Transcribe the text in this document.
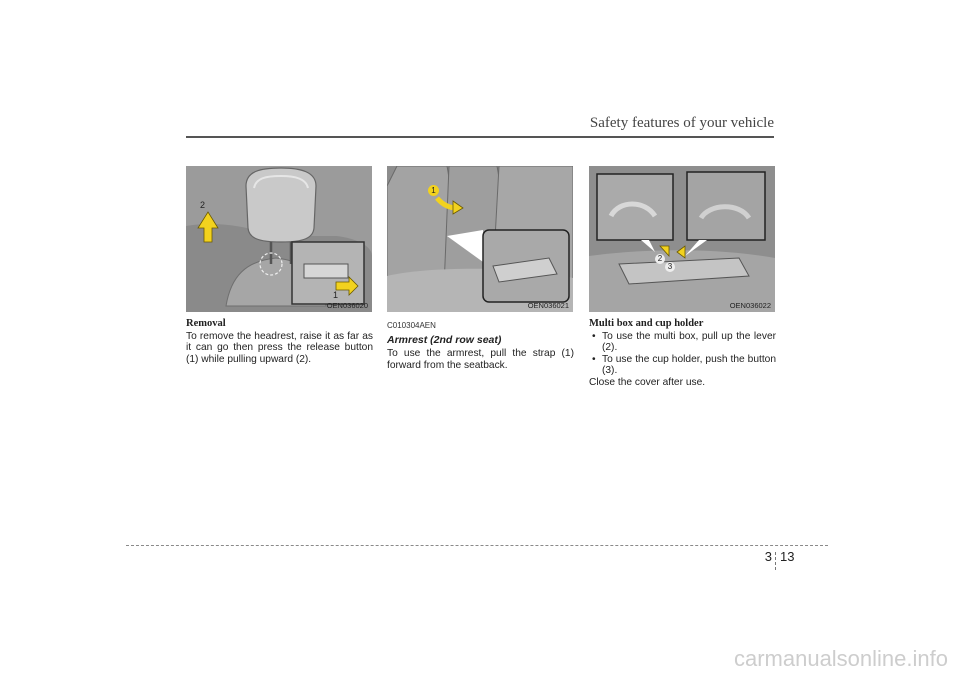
carmanualsonline.info
Safety features of your vehicle
2
1
OEN036020
1
OEN036021
2
3
OEN036022
Removal

To remove the headrest, raise it as far as it can go then press the release button (1) while pulling upward (2).

C010304AEN
Armrest (2nd row seat)

To use the armrest, pull the strap (1) forward from the seatback.

Multi box and cup holder
• To use the multi box, pull up the lever (2).
• To use the cup holder, push the button (3).

Close the cover after use.

3 13
